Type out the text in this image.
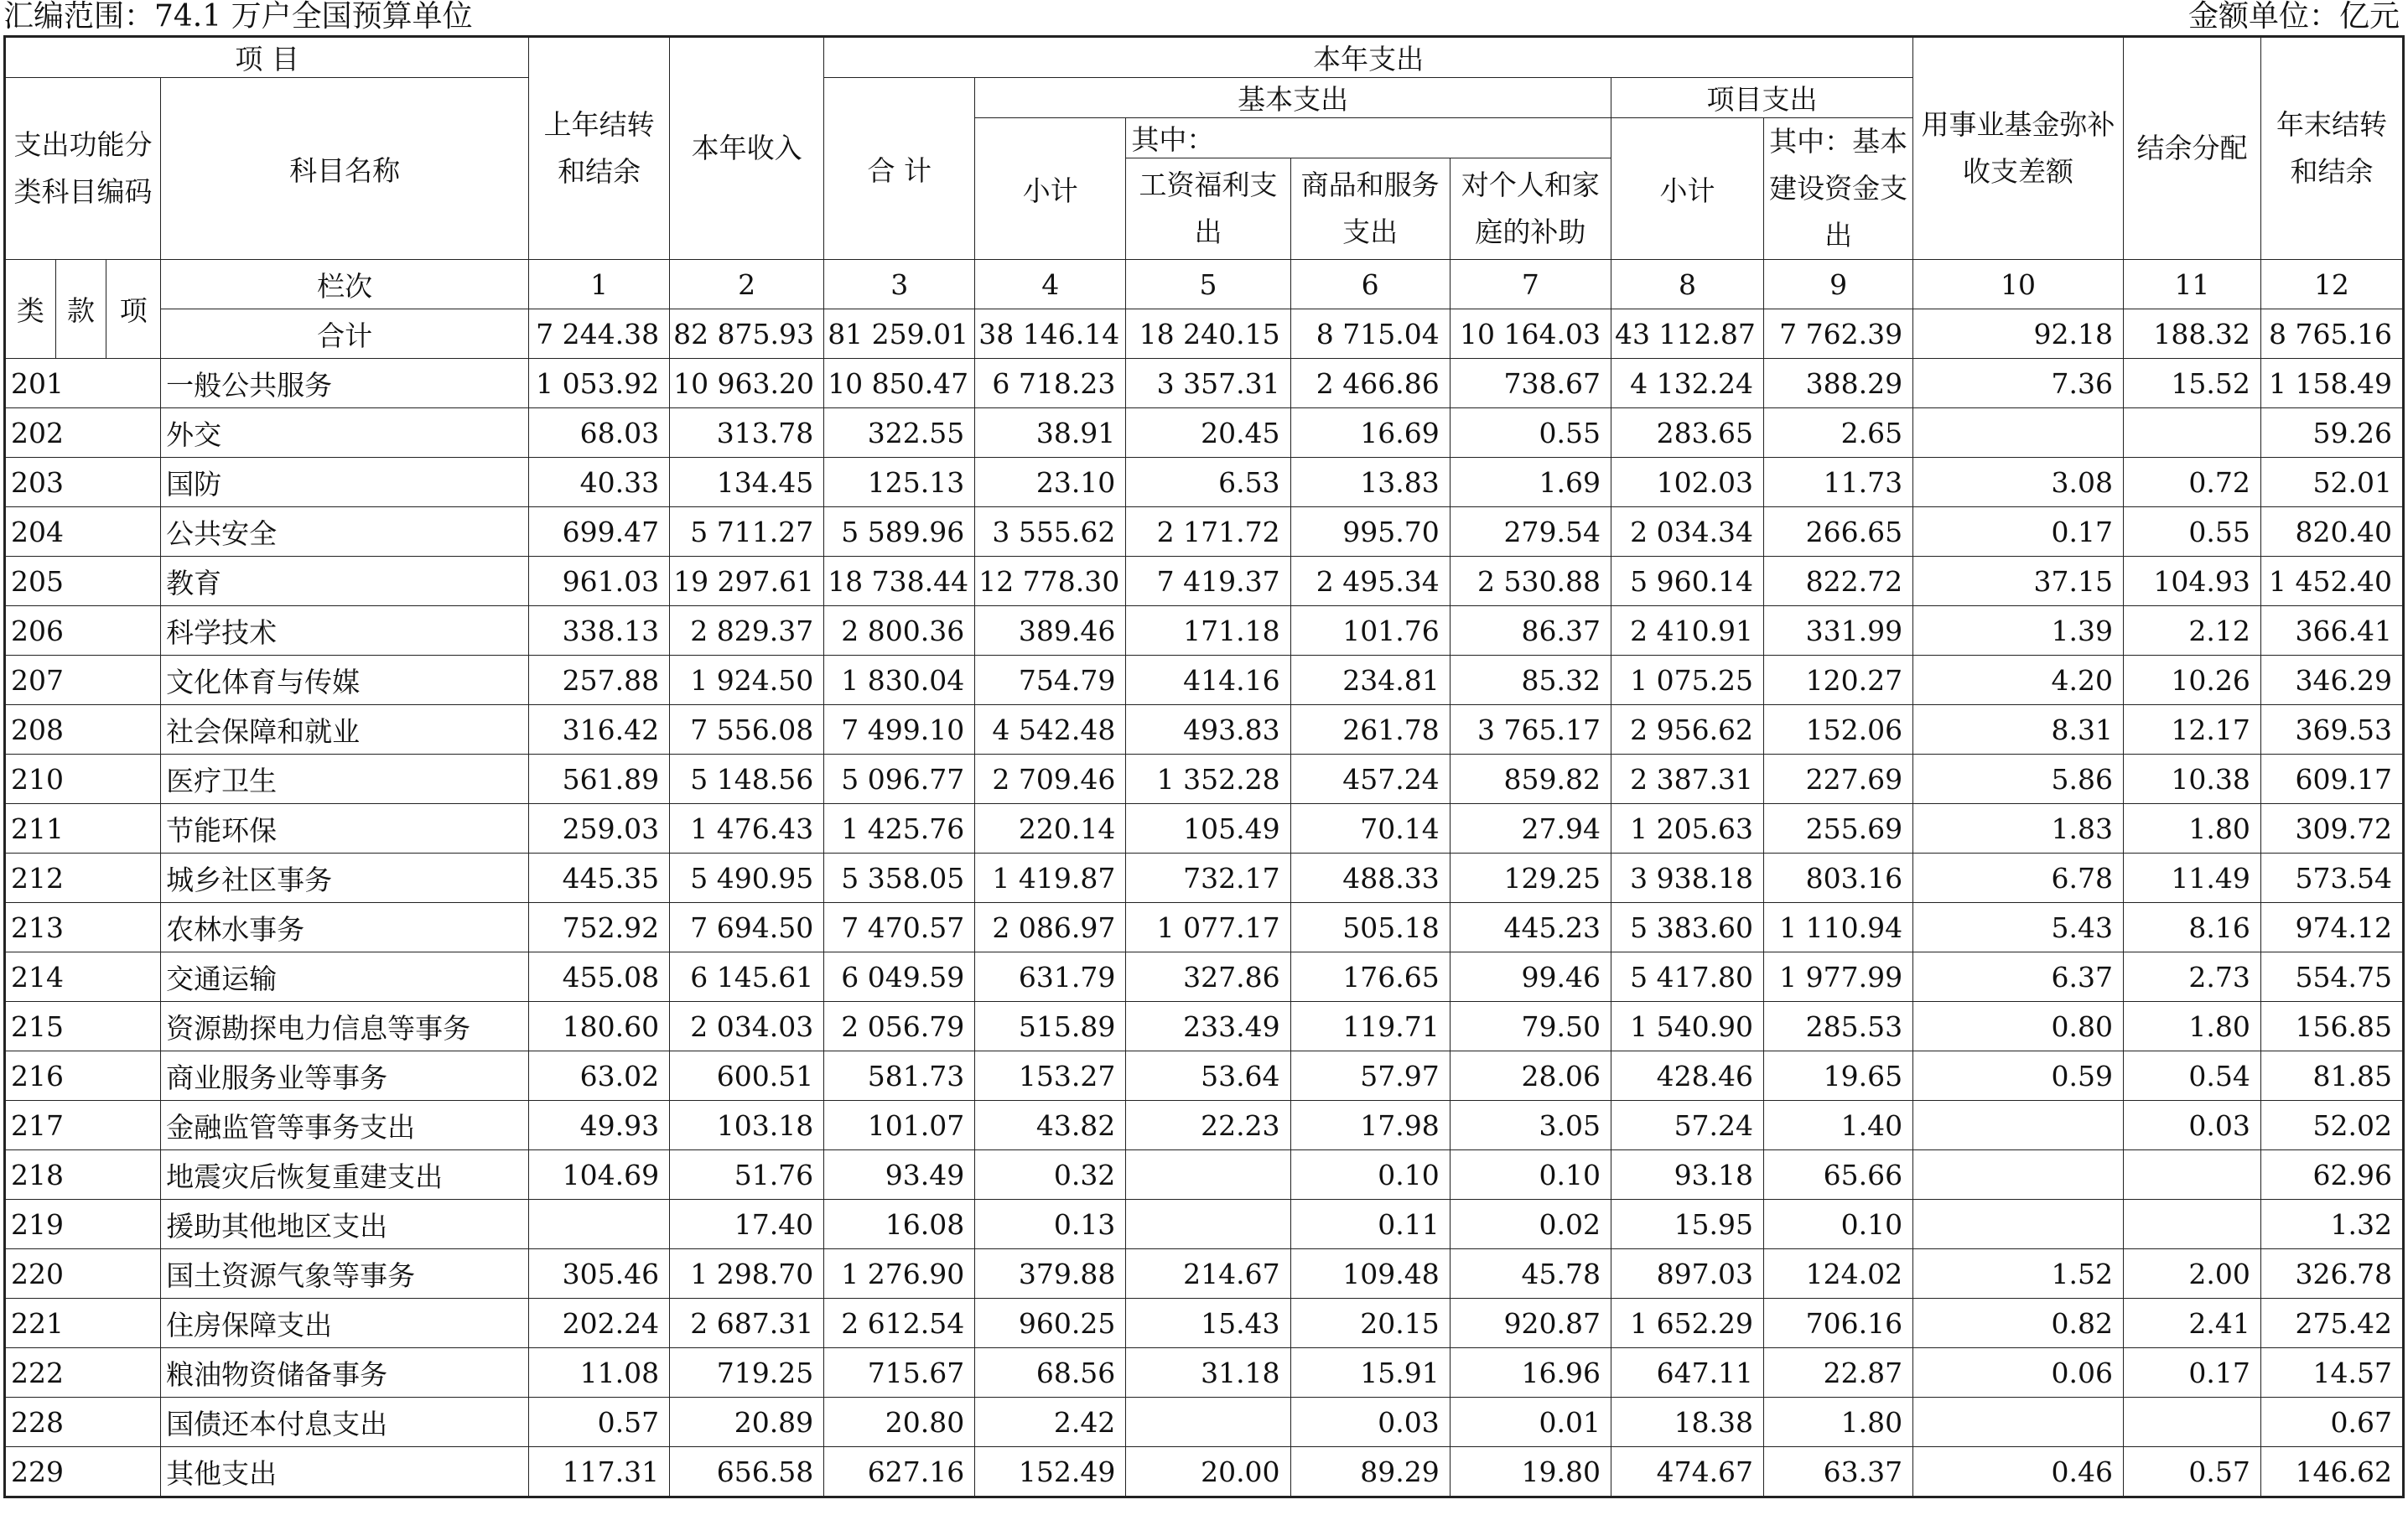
汇编范围：74.1 万户全国预算单位	金额单位：亿元
项 目				上年结转和结余	本年收入	本年支出							用事业基金弥补收支差额	结余分配	年末结转和结余
支出功能分类科目编码			科目名称			合 计	基本支出				项目支出				
							小计	其中：			小计	其中：基本建设资金支出			
								工资福利支出	商品和服务支出	对个人和家庭的补助					

类	款	项	栏次	1	2	3	4	5	6	7	8	9	10	11	12
			合计	7 244.38	82 875.93	81 259.01	38 146.14	18 240.15	8 715.04	10 164.03	43 112.87	7 762.39	92.18	188.32	8 765.16
201			一般公共服务	1 053.92	10 963.20	10 850.47	6 718.23	3 357.31	2 466.86	738.67	4 132.24	388.29	7.36	15.52	1 158.49
202			外交	68.03	313.78	322.55	38.91	20.45	16.69	0.55	283.65	2.65			59.26
203			国防	40.33	134.45	125.13	23.10	6.53	13.83	1.69	102.03	11.73	3.08	0.72	52.01
204			公共安全	699.47	5 711.27	5 589.96	3 555.62	2 171.72	995.70	279.54	2 034.34	266.65	0.17	0.55	820.40
205			教育	961.03	19 297.61	18 738.44	12 778.30	7 419.37	2 495.34	2 530.88	5 960.14	822.72	37.15	104.93	1 452.40
206			科学技术	338.13	2 829.37	2 800.36	389.46	171.18	101.76	86.37	2 410.91	331.99	1.39	2.12	366.41
207			文化体育与传媒	257.88	1 924.50	1 830.04	754.79	414.16	234.81	85.32	1 075.25	120.27	4.20	10.26	346.29
208			社会保障和就业	316.42	7 556.08	7 499.10	4 542.48	493.83	261.78	3 765.17	2 956.62	152.06	8.31	12.17	369.53
210			医疗卫生	561.89	5 148.56	5 096.77	2 709.46	1 352.28	457.24	859.82	2 387.31	227.69	5.86	10.38	609.17
211			节能环保	259.03	1 476.43	1 425.76	220.14	105.49	70.14	27.94	1 205.63	255.69	1.83	1.80	309.72
212			城乡社区事务	445.35	5 490.95	5 358.05	1 419.87	732.17	488.33	129.25	3 938.18	803.16	6.78	11.49	573.54
213			农林水事务	752.92	7 694.50	7 470.57	2 086.97	1 077.17	505.18	445.23	5 383.60	1 110.94	5.43	8.16	974.12
214			交通运输	455.08	6 145.61	6 049.59	631.79	327.86	176.65	99.46	5 417.80	1 977.99	6.37	2.73	554.75
215			资源勘探电力信息等事务	180.60	2 034.03	2 056.79	515.89	233.49	119.71	79.50	1 540.90	285.53	0.80	1.80	156.85
216			商业服务业等事务	63.02	600.51	581.73	153.27	53.64	57.97	28.06	428.46	19.65	0.59	0.54	81.85
217			金融监管等事务支出	49.93	103.18	101.07	43.82	22.23	17.98	3.05	57.24	1.40		0.03	52.02
218			地震灾后恢复重建支出	104.69	51.76	93.49	0.32		0.10	0.10	93.18	65.66			62.96
219			援助其他地区支出		17.40	16.08	0.13		0.11	0.02	15.95	0.10			1.32
220			国土资源气象等事务	305.46	1 298.70	1 276.90	379.88	214.67	109.48	45.78	897.03	124.02	1.52	2.00	326.78
221			住房保障支出	202.24	2 687.31	2 612.54	960.25	15.43	20.15	920.87	1 652.29	706.16	0.82	2.41	275.42
222			粮油物资储备事务	11.08	719.25	715.67	68.56	31.18	15.91	16.96	647.11	22.87	0.06	0.17	14.57
228			国债还本付息支出	0.57	20.89	20.80	2.42		0.03	0.01	18.38	1.80			0.67
229			其他支出	117.31	656.58	627.16	152.49	20.00	89.29	19.80	474.67	63.37	0.46	0.57	146.62
